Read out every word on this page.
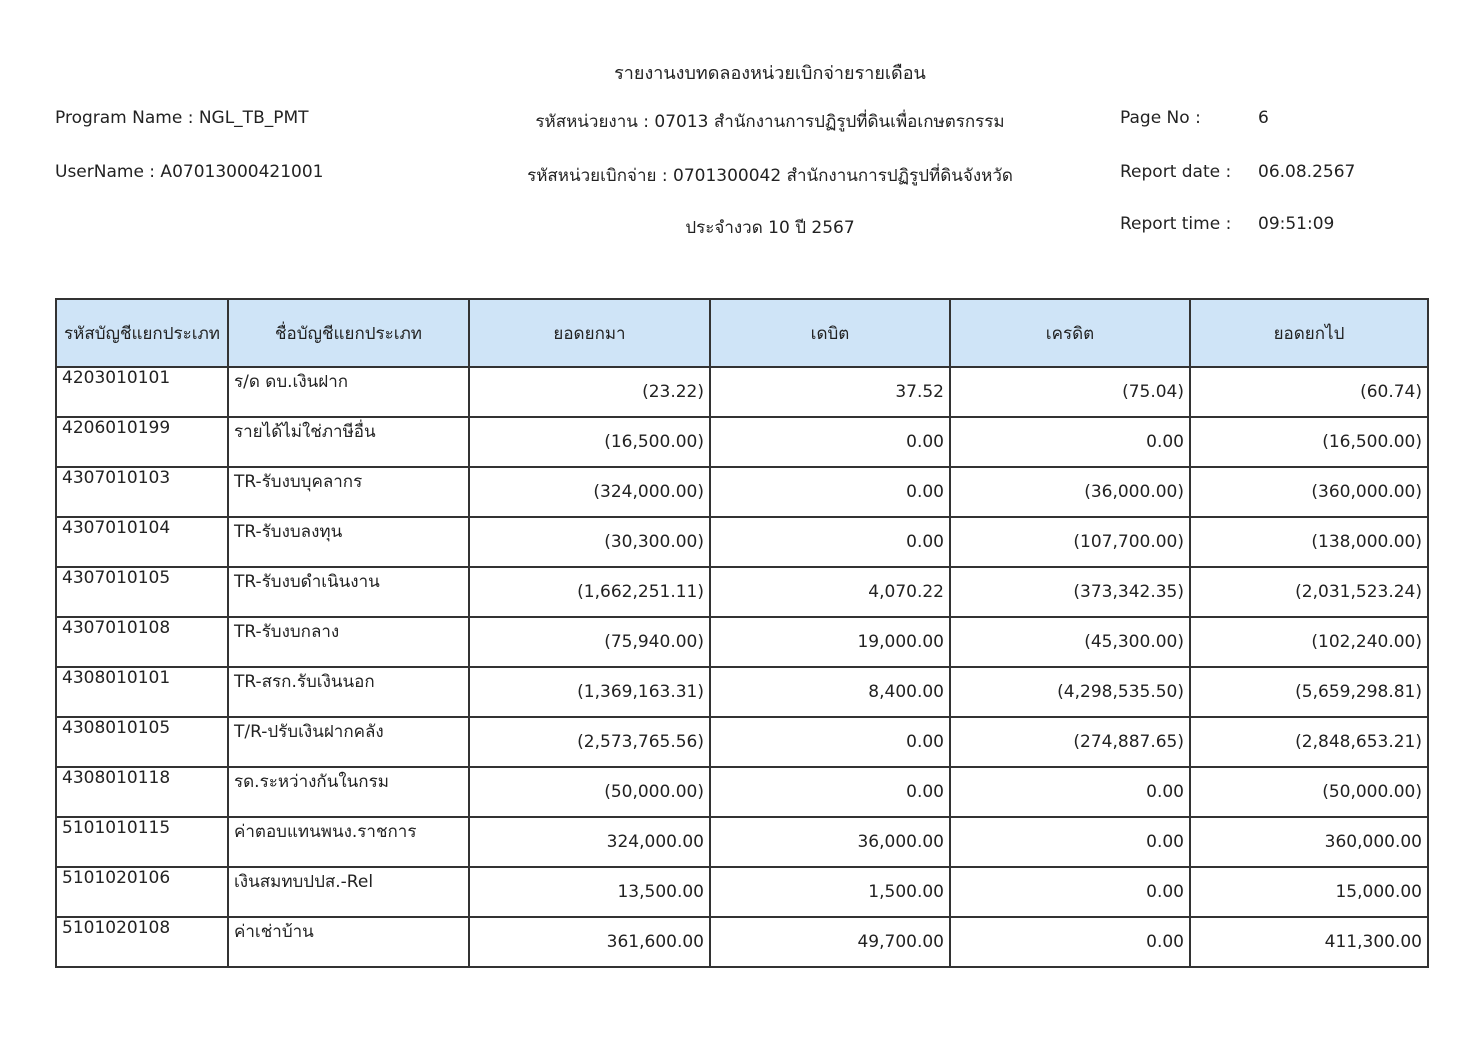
รายงานงบทดลองหน่วยเบิกจ่ายรายเดือน
Program Name : NGL_TB_PMT
UserName : A07013000421001
รหัสหน่วยงาน : 07013 สำนักงานการปฏิรูปที่ดินเพื่อเกษตรกรรม
รหัสหน่วยเบิกจ่าย : 0701300042 สำนักงานการปฏิรูปที่ดินจังหวัด
ประจำงวด 10 ปี 2567
Page No :	6
Report date : 06.08.2567
Report time : 09:51:09
รหัสบัญชีแยกประเภท	ชื่อบัญชีแยกประเภท	ยอดยกมา	เดบิต	เครดิต	ยอดยกไป
4203010101	ร/ด ดบ.เงินฝาก	(23.22)	37.52	(75.04)	(60.74)
4206010199	รายได้ไม่ใช่ภาษีอื่น	(16,500.00)	0.00	0.00	(16,500.00)
4307010103	TR-รับงบบุคลากร	(324,000.00)	0.00	(36,000.00)	(360,000.00)
4307010104	TR-รับงบลงทุน	(30,300.00)	0.00	(107,700.00)	(138,000.00)
4307010105	TR-รับงบดำเนินงาน	(1,662,251.11)	4,070.22	(373,342.35)	(2,031,523.24)
4307010108	TR-รับงบกลาง	(75,940.00)	19,000.00	(45,300.00)	(102,240.00)
4308010101	TR-สรก.รับเงินนอก	(1,369,163.31)	8,400.00	(4,298,535.50)	(5,659,298.81)
4308010105	T/R-ปรับเงินฝากคลัง	(2,573,765.56)	0.00	(274,887.65)	(2,848,653.21)
4308010118	รด.ระหว่างกันในกรม	(50,000.00)	0.00	0.00	(50,000.00)
5101010115	ค่าตอบแทนพนง.ราชการ	324,000.00	36,000.00	0.00	360,000.00
5101020106	เงินสมทบปปส.-Rel	13,500.00	1,500.00	0.00	15,000.00
5101020108	ค่าเช่าบ้าน	361,600.00	49,700.00	0.00	411,300.00
